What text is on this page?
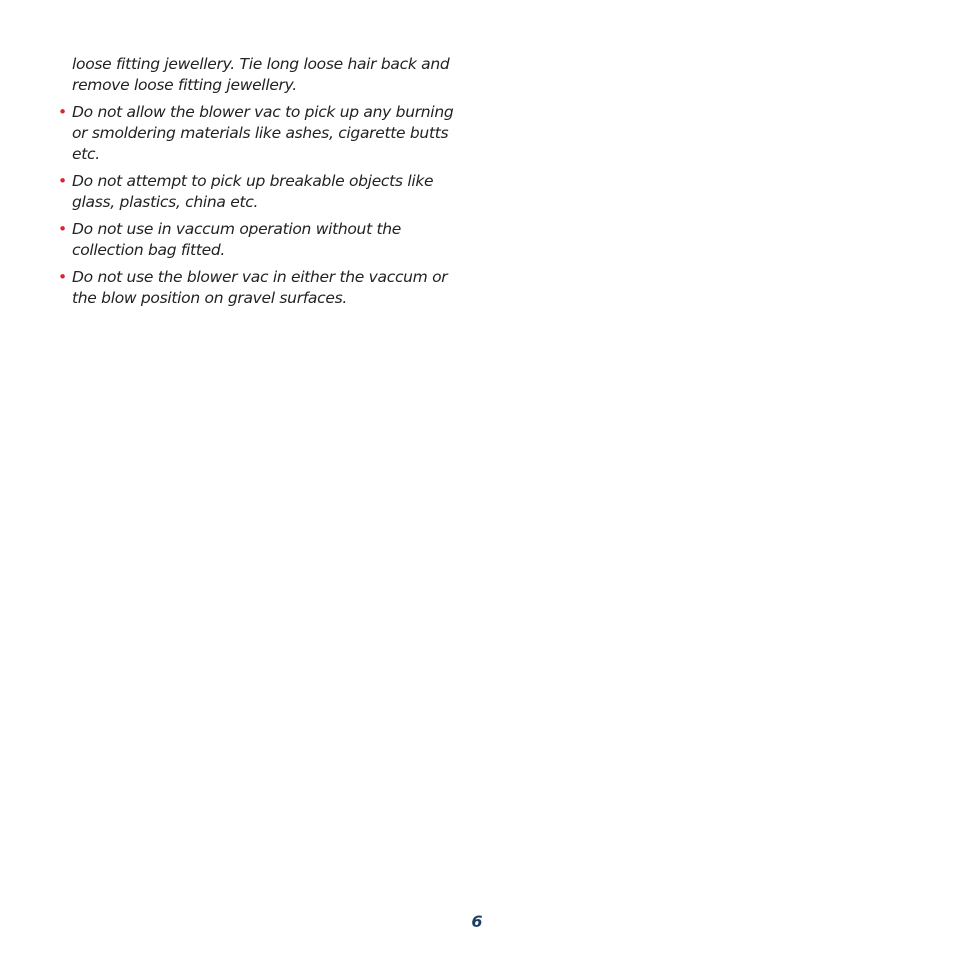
loose fitting jewellery. Tie long loose hair back and remove loose fitting jewellery.
• Do not allow the blower vac to pick up any burning or smoldering materials like ashes, cigarette butts etc.
• Do not attempt to pick up breakable objects like glass, plastics, china etc.
• Do not use in vaccum operation without the collection bag fitted.
• Do not use the blower vac in either the vaccum or the blow position on gravel surfaces.
6
